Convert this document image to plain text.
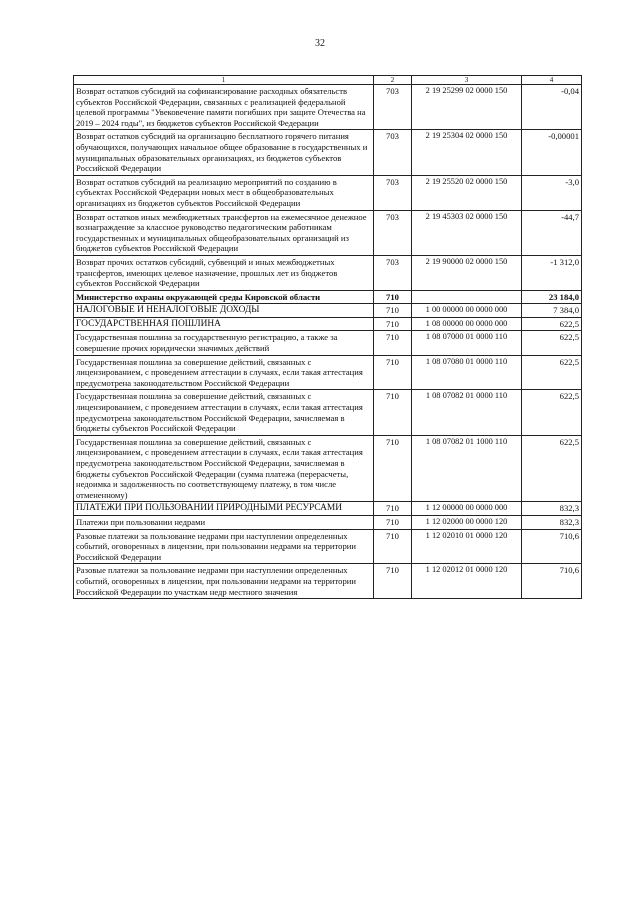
32
1	2	3	4
Возврат остатков субсидий на софинансирование расходных обязательств субъектов Российской Федерации, связанных с реализацией федеральной целевой программы "Увековечение памяти погибших при защите Отечества на 2019 – 2024 годы", из бюджетов субъектов Российской Федерации	703	2 19 25299 02 0000 150	-0,04
Возврат остатков субсидий на организацию бесплатного горячего питания обучающихся, получающих начальное общее образование в государственных и муниципальных образовательных организациях, из бюджетов субъектов Российской Федерации	703	2 19 25304 02 0000 150	-0,00001
Возврат остатков субсидий на реализацию мероприятий по созданию в субъектах Российской Федерации новых мест в общеобразовательных организациях из бюджетов субъектов Российской Федерации	703	2 19 25520 02 0000 150	-3,0
Возврат остатков иных межбюджетных трансфертов на ежемесячное денежное вознаграждение за классное руководство педагогическим работникам государственных и муниципальных общеобразовательных организаций из бюджетов субъектов Российской Федерации	703	2 19 45303 02 0000 150	-44,7
Возврат прочих остатков субсидий, субвенций и иных межбюджетных трансфертов, имеющих целевое назначение, прошлых лет из бюджетов субъектов Российской Федерации	703	2 19 90000 02 0000 150	-1 312,0
Министерство охраны окружающей среды Кировской области	710		23 184,0
НАЛОГОВЫЕ И НЕНАЛОГОВЫЕ ДОХОДЫ	710	1 00 00000 00 0000 000	7 384,0
ГОСУДАРСТВЕННАЯ ПОШЛИНА	710	1 08 00000 00 0000 000	622,5
Государственная пошлина за государственную регистрацию, а также за совершение прочих юридически значимых действий	710	1 08 07000 01 0000 110	622,5
Государственная пошлина за совершение действий, связанных с лицензированием, с проведением аттестации в случаях, если такая аттестация предусмотрена законодательством Российской Федерации	710	1 08 07080 01 0000 110	622,5
Государственная пошлина за совершение действий, связанных с лицензированием, с проведением аттестации в случаях, если такая аттестация предусмотрена законодательством Российской Федерации, зачисляемая в бюджеты субъектов Российской Федерации	710	1 08 07082 01 0000 110	622,5
Государственная пошлина за совершение действий, связанных с лицензированием, с проведением аттестации в случаях, если такая аттестация предусмотрена законодательством Российской Федерации, зачисляемая в бюджеты субъектов Российской Федерации (сумма платежа (перерасчеты, недоимка и задолженность по соответствующему платежу, в том числе отмененному)	710	1 08 07082 01 1000 110	622,5
ПЛАТЕЖИ ПРИ ПОЛЬЗОВАНИИ ПРИРОДНЫМИ РЕСУРСАМИ	710	1 12 00000 00 0000 000	832,3
Платежи при пользовании недрами	710	1 12 02000 00 0000 120	832,3
Разовые платежи за пользование недрами при наступлении определенных событий, оговоренных в лицензии, при пользовании недрами на территории Российской Федерации	710	1 12 02010 01 0000 120	710,6
Разовые платежи за пользование недрами при наступлении определенных событий, оговоренных в лицензии, при пользовании недрами на территории Российской Федерации по участкам недр местного значения	710	1 12 02012 01 0000 120	710,6
